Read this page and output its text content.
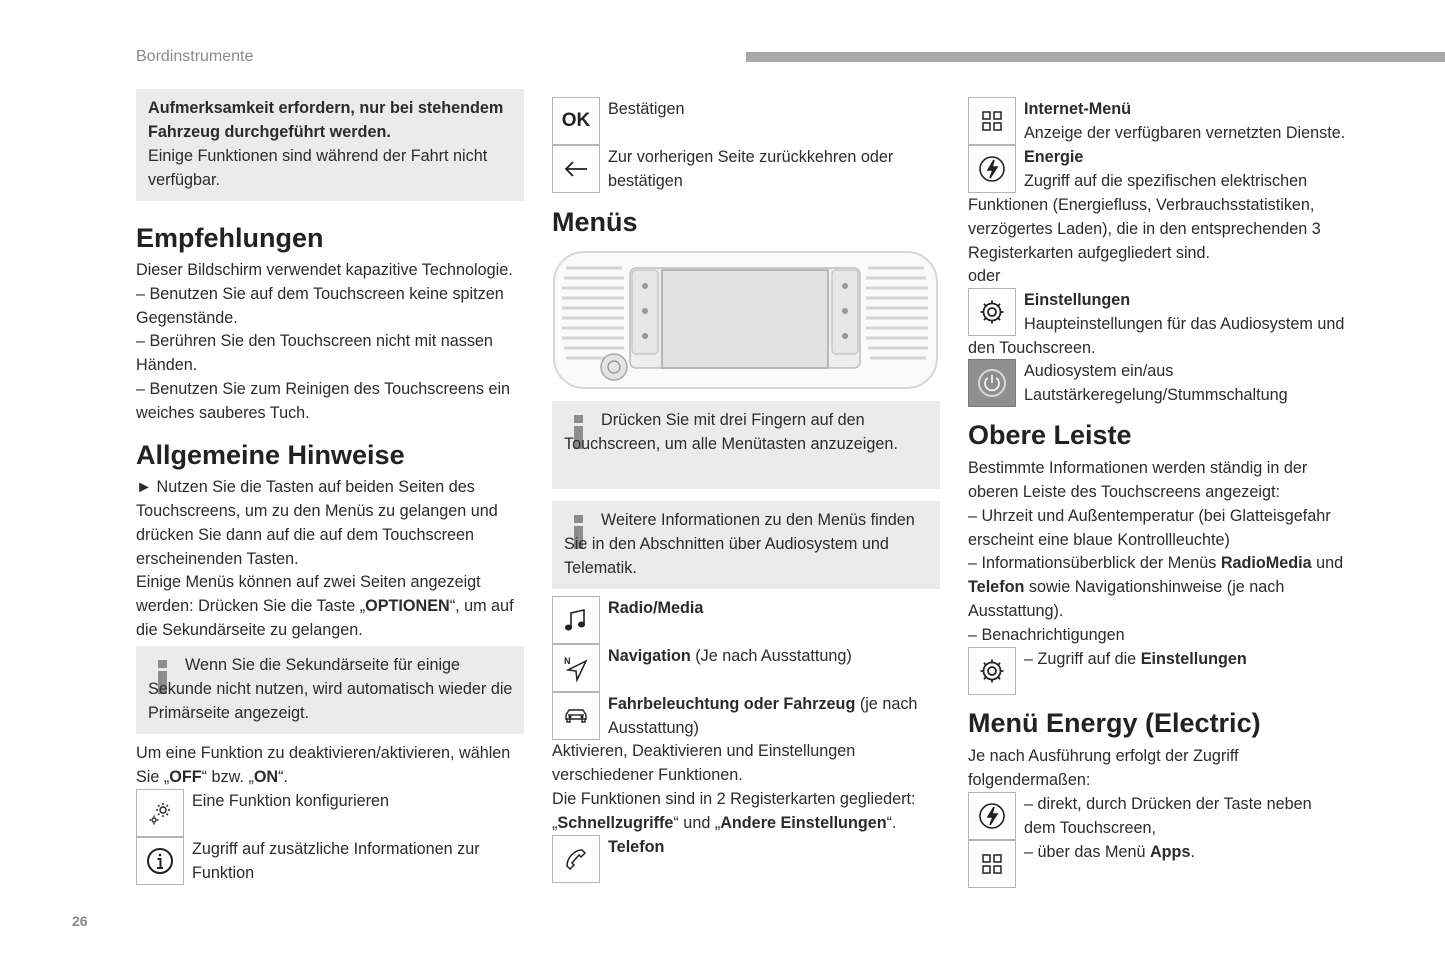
Bordinstrumente
26

Aufmerksamkeit erfordern, nur bei stehendem Fahrzeug durchgeführt werden.

Einige Funktionen sind während der Fahrt nicht verfügbar.

Empfehlungen

Dieser Bildschirm verwendet kapazitive Technologie.

– Benutzen Sie auf dem Touchscreen keine spitzen Gegenstände.

– Berühren Sie den Touchscreen nicht mit nassen Händen.

– Benutzen Sie zum Reinigen des Touchscreens ein weiches sauberes Tuch.

Allgemeine Hinweise

► Nutzen Sie die Tasten auf beiden Seiten des Touchscreens, um zu den Menüs zu gelangen und drücken Sie dann auf die auf dem Touchscreen erscheinenden Tasten.

Einige Menüs können auf zwei Seiten angezeigt werden: Drücken Sie die Taste „OPTIONEN“, um auf die Sekundärseite zu gelangen.

Wenn Sie die Sekundärseite für einige Sekunde nicht nutzen, wird automatisch wieder die Primärseite angezeigt.

Um eine Funktion zu deaktivieren/aktivieren, wählen Sie „OFF“ bzw. „ON“.

Eine Funktion konfigurieren

Zugriff auf zusätzliche Informationen zur Funktion

OK

Bestätigen

Zur vorherigen Seite zurückkehren oder bestätigen

Menüs

Drücken Sie mit drei Fingern auf den Touchscreen, um alle Menütasten anzuzeigen.

Weitere Informationen zu den Menüs finden Sie in den Abschnitten über Audiosystem und Telematik.

Radio/Media

N Navigation (Je nach Ausstattung)

Fahrbeleuchtung oder Fahrzeug (je nach Ausstattung)

Aktivieren, Deaktivieren und Einstellungen verschiedener Funktionen.

Die Funktionen sind in 2 Registerkarten gegliedert: „Schnellzugriffe“ und „Andere Einstellungen“.

Telefon

Internet-Menü

Anzeige der verfügbaren vernetzten Dienste.

Energie

Zugriff auf die spezifischen elektrischen Funktionen (Energiefluss, Verbrauchsstatistiken, verzögertes Laden), die in den entsprechenden 3 Registerkarten aufgegliedert sind.

oder

Einstellungen

Haupteinstellungen für das Audiosystem und den Touchscreen.

Audiosystem ein/aus

Lautstärkeregelung/Stummschaltung

Obere Leiste

Bestimmte Informationen werden ständig in der oberen Leiste des Touchscreens angezeigt:

– Uhrzeit und Außentemperatur (bei Glatteisgefahr erscheint eine blaue Kontrollleuchte)

– Informationsüberblick der Menüs RadioMedia und Telefon sowie Navigationshinweise (je nach Ausstattung).

– Benachrichtigungen

– Zugriff auf die Einstellungen

Menü Energy (Electric)

Je nach Ausführung erfolgt der Zugriff folgendermaßen:

– direkt, durch Drücken der Taste neben dem Touchscreen,

– über das Menü Apps.
